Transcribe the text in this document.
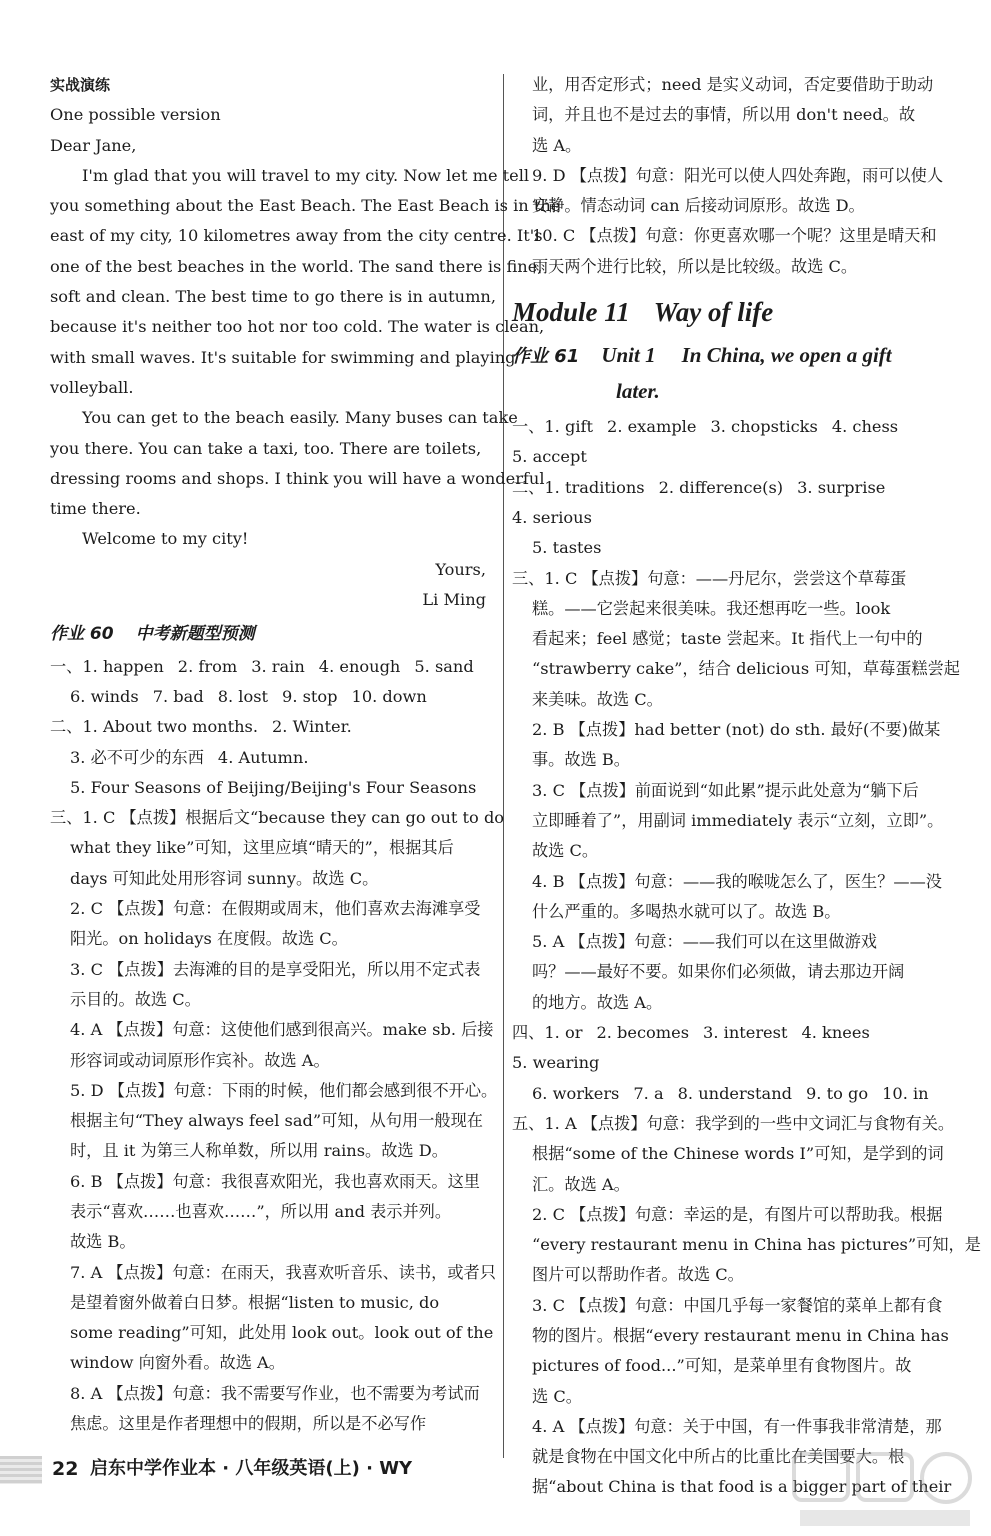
实战演练

One possible version

Dear Jane,

I'm glad that you will travel to my city. Now let me tell

you something about the East Beach. The East Beach is in the

east of my city, 10 kilometres away from the city centre. It's

one of the best beaches in the world. The sand there is fine,

soft and clean. The best time to go there is in autumn,

because it's neither too hot nor too cold. The water is clean,

with small waves. It's suitable for swimming and playing

volleyball.

You can get to the beach easily. Many buses can take

you there. You can take a taxi, too. There are toilets,

dressing rooms and shops. I think you will have a wonderful

time there.

Welcome to my city!

Yours,

Li Ming

作业 60 中考新题型预测
一、1. happen 2. from 3. rain 4. enough 5. sand
6. winds 7. bad 8. lost 9. stop 10. down
二、1. About two months. 2. Winter.
3. 必不可少的东西 4. Autumn.

5. Four Seasons of Beijing/Beijing's Four Seasons

三、1. C 【点拨】根据后文“because they can go out to do

what they like”可知，这里应填“晴天的”，根据其后

days 可知此处用形容词 sunny。故选 C。

2. C 【点拨】句意：在假期或周末，他们喜欢去海滩享受

阳光。on holidays 在度假。故选 C。

3. C 【点拨】去海滩的目的是享受阳光，所以用不定式表

示目的。故选 C。

4. A 【点拨】句意：这使他们感到很高兴。make sb. 后接

形容词或动词原形作宾补。故选 A。

5. D 【点拨】句意：下雨的时候，他们都会感到很不开心。

根据主句“They always feel sad”可知，从句用一般现在

时，且 it 为第三人称单数，所以用 rains。故选 D。

6. B 【点拨】句意：我很喜欢阳光，我也喜欢雨天。这里

表示“喜欢……也喜欢……”，所以用 and 表示并列。

故选 B。

7. A 【点拨】句意：在雨天，我喜欢听音乐、读书，或者只

是望着窗外做着白日梦。根据“listen to music, do

some reading”可知，此处用 look out。look out of the

window 向窗外看。故选 A。

8. A 【点拨】句意：我不需要写作业，也不需要为考试而

焦虑。这里是作者理想中的假期，所以是不必写作

业，用否定形式；need 是实义动词，否定要借助于助动

词，并且也不是过去的事情，所以用 don't need。故

选 A。

9. D 【点拨】句意：阳光可以使人四处奔跑，雨可以使人

安静。情态动词 can 后接动词原形。故选 D。

10. C 【点拨】句意：你更喜欢哪一个呢？这里是晴天和

雨天两个进行比较，所以是比较级。故选 C。

Module 11 Way of life
作业 61 Unit 1 In China, we open a gift
later.
一、1. gift 2. example 3. chopsticks 4. chess
5. accept
二、1. traditions 2. difference(s) 3. surprise
4. serious

5. tastes

三、1. C 【点拨】句意：——丹尼尔，尝尝这个草莓蛋

糕。——它尝起来很美味。我还想再吃一些。look

看起来；feel 感觉；taste 尝起来。It 指代上一句中的

“strawberry cake”，结合 delicious 可知，草莓蛋糕尝起

来美味。故选 C。

2. B 【点拨】had better (not) do sth. 最好(不要)做某

事。故选 B。

3. C 【点拨】前面说到“如此累”提示此处意为“躺下后

立即睡着了”，用副词 immediately 表示“立刻，立即”。

故选 C。

4. B 【点拨】句意：——我的喉咙怎么了，医生？——没

什么严重的。多喝热水就可以了。故选 B。

5. A 【点拨】句意：——我们可以在这里做游戏

吗？——最好不要。如果你们必须做，请去那边开阔

的地方。故选 A。

四、1. or 2. becomes 3. interest 4. knees
5. wearing
6. workers 7. a 8. understand 9. to go 10. in

五、1. A 【点拨】句意：我学到的一些中文词汇与食物有关。

根据“some of the Chinese words I”可知，是学到的词

汇。故选 A。

2. C 【点拨】句意：幸运的是，有图片可以帮助我。根据

“every restaurant menu in China has pictures”可知，是

图片可以帮助作者。故选 C。

3. C 【点拨】句意：中国几乎每一家餐馆的菜单上都有食

物的图片。根据“every restaurant menu in China has

pictures of food...”可知，是菜单里有食物图片。故

选 C。

4. A 【点拨】句意：关于中国，有一件事我非常清楚，那

就是食物在中国文化中所占的比重比在美国要大。根

据“about China is that food is a bigger part of their

22 启东中学作业本 · 八年级英语(上) · WY
